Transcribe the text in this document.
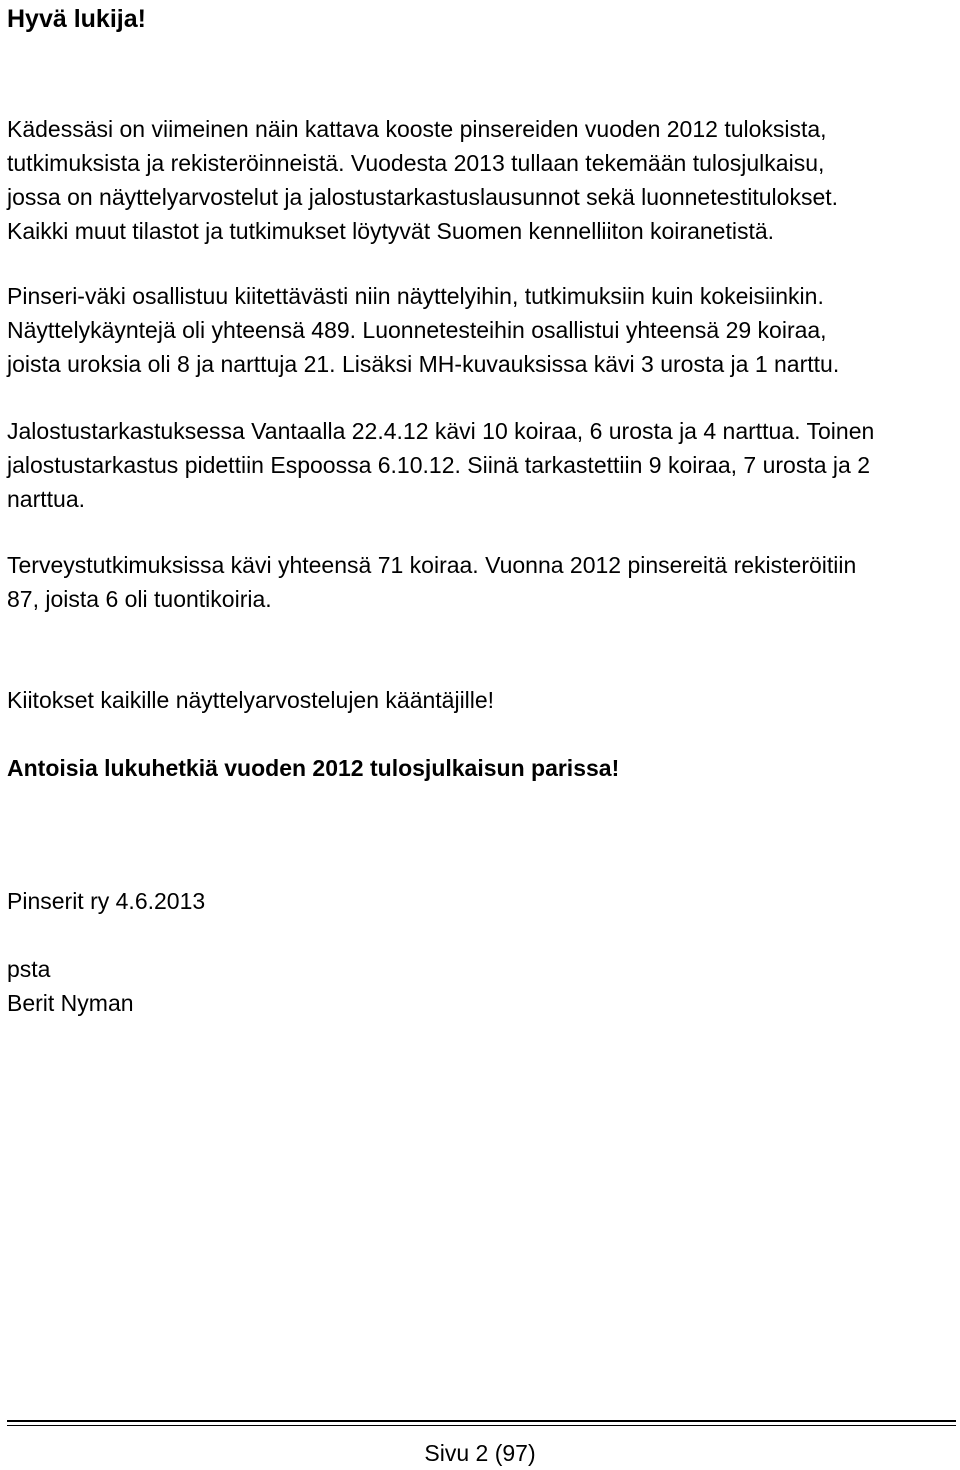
Hyvä lukija!

Kädessäsi on viimeinen näin kattava kooste pinsereiden vuoden 2012 tuloksista,
tutkimuksista ja rekisteröinneistä. Vuodesta 2013 tullaan tekemään tulosjulkaisu,
jossa on näyttelyarvostelut ja jalostustarkastuslausunnot sekä luonnetestitulokset.
Kaikki muut tilastot ja tutkimukset löytyvät Suomen kennelliiton koiranetistä.

Pinseri-väki osallistuu kiitettävästi niin näyttelyihin, tutkimuksiin kuin kokeisiinkin.
Näyttelykäyntejä oli yhteensä 489. Luonnetesteihin osallistui yhteensä 29 koiraa,
joista uroksia oli 8 ja narttuja 21. Lisäksi MH-kuvauksissa kävi 3 urosta ja 1 narttu.

Jalostustarkastuksessa Vantaalla 22.4.12 kävi 10 koiraa, 6 urosta ja 4 narttua. Toinen
jalostustarkastus pidettiin Espoossa 6.10.12. Siinä tarkastettiin 9 koiraa, 7 urosta ja 2
narttua.

Terveystutkimuksissa kävi yhteensä 71 koiraa. Vuonna 2012 pinsereitä rekisteröitiin
87, joista 6 oli tuontikoiria.

Kiitokset kaikille näyttelyarvostelujen kääntäjille!

Antoisia lukuhetkiä vuoden 2012 tulosjulkaisun parissa!

Pinserit ry 4.6.2013

psta

Berit Nyman

Sivu 2 (97)
